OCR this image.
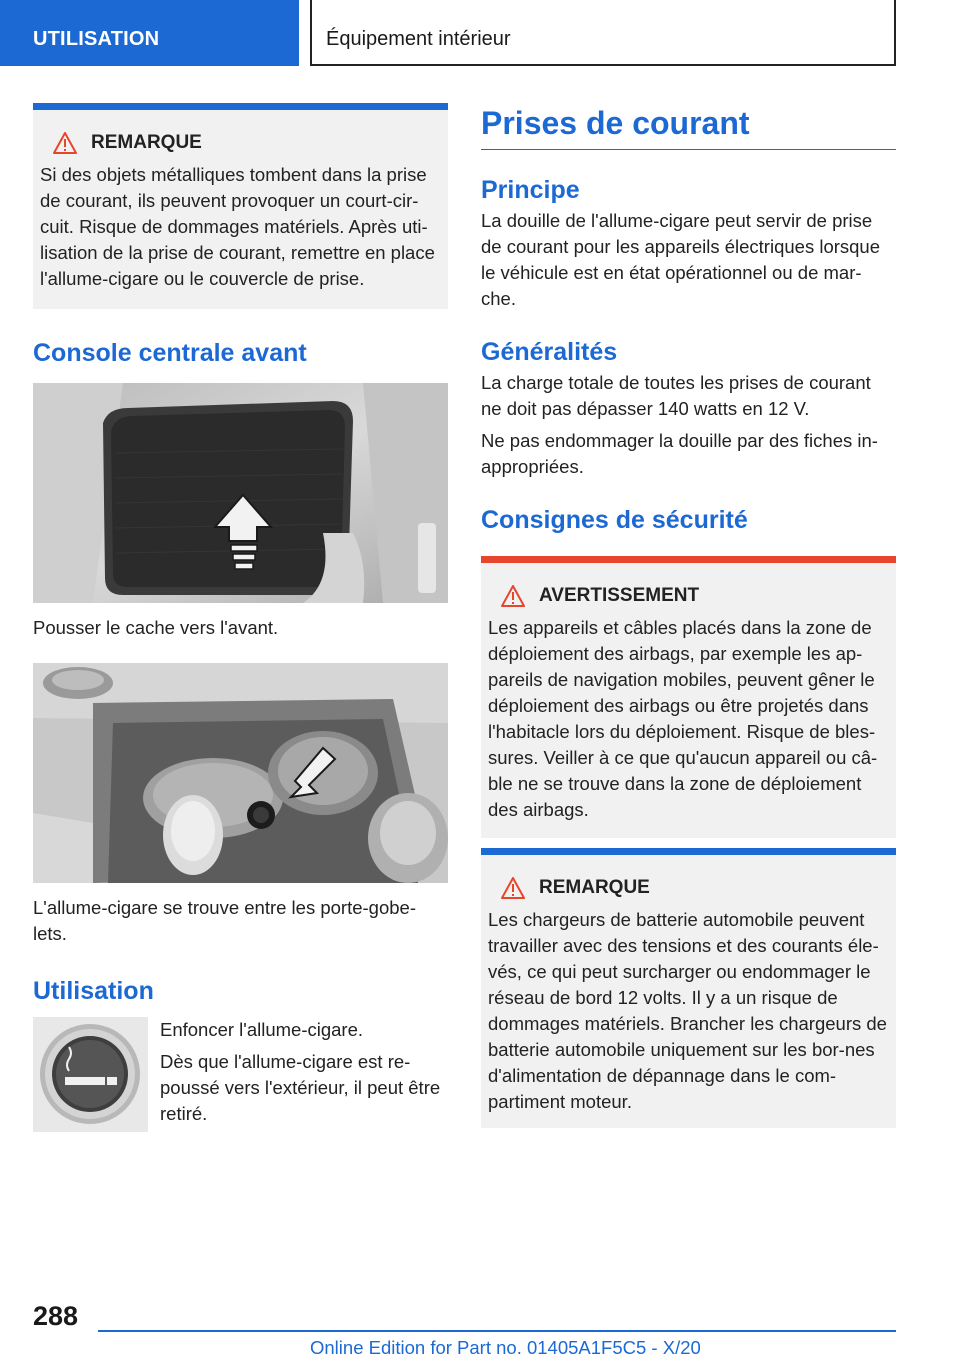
UTILISATION	Équipement intérieur
REMARQUE

Si des objets métalliques tombent dans la prise de courant, ils peuvent provoquer un court-cir-cuit. Risque de dommages matériels. Après uti-lisation de la prise de courant, remettre en place l'allume-cigare ou le couvercle de prise.

Console centrale avant

Pousser le cache vers l'avant.

L'allume-cigare se trouve entre les porte-gobe-lets.

Utilisation

Enfoncer l'allume-cigare.

Dès que l'allume-cigare est re-poussé vers l'extérieur, il peut être retiré.

Prises de courant
Principe

La douille de l'allume-cigare peut servir de prise de courant pour les appareils électriques lorsque le véhicule est en état opérationnel ou de mar-che.

Généralités

La charge totale de toutes les prises de courant ne doit pas dépasser 140 watts en 12 V.

Ne pas endommager la douille par des fiches in-appropriées.

Consignes de sécurité
AVERTISSEMENT

Les appareils et câbles placés dans la zone de déploiement des airbags, par exemple les ap-pareils de navigation mobiles, peuvent gêner le déploiement des airbags ou être projetés dans l'habitacle lors du déploiement. Risque de bles-sures. Veiller à ce que qu'aucun appareil ou câ-ble ne se trouve dans la zone de déploiement des airbags.

REMARQUE

Les chargeurs de batterie automobile peuvent travailler avec des tensions et des courants éle-vés, ce qui peut surcharger ou endommager le réseau de bord 12 volts. Il y a un risque de dommages matériels. Brancher les chargeurs de batterie automobile uniquement sur les bor-nes d'alimentation de dépannage dans le com-partiment moteur.

288
Online Edition for Part no. 01405A1F5C5 - X/20
